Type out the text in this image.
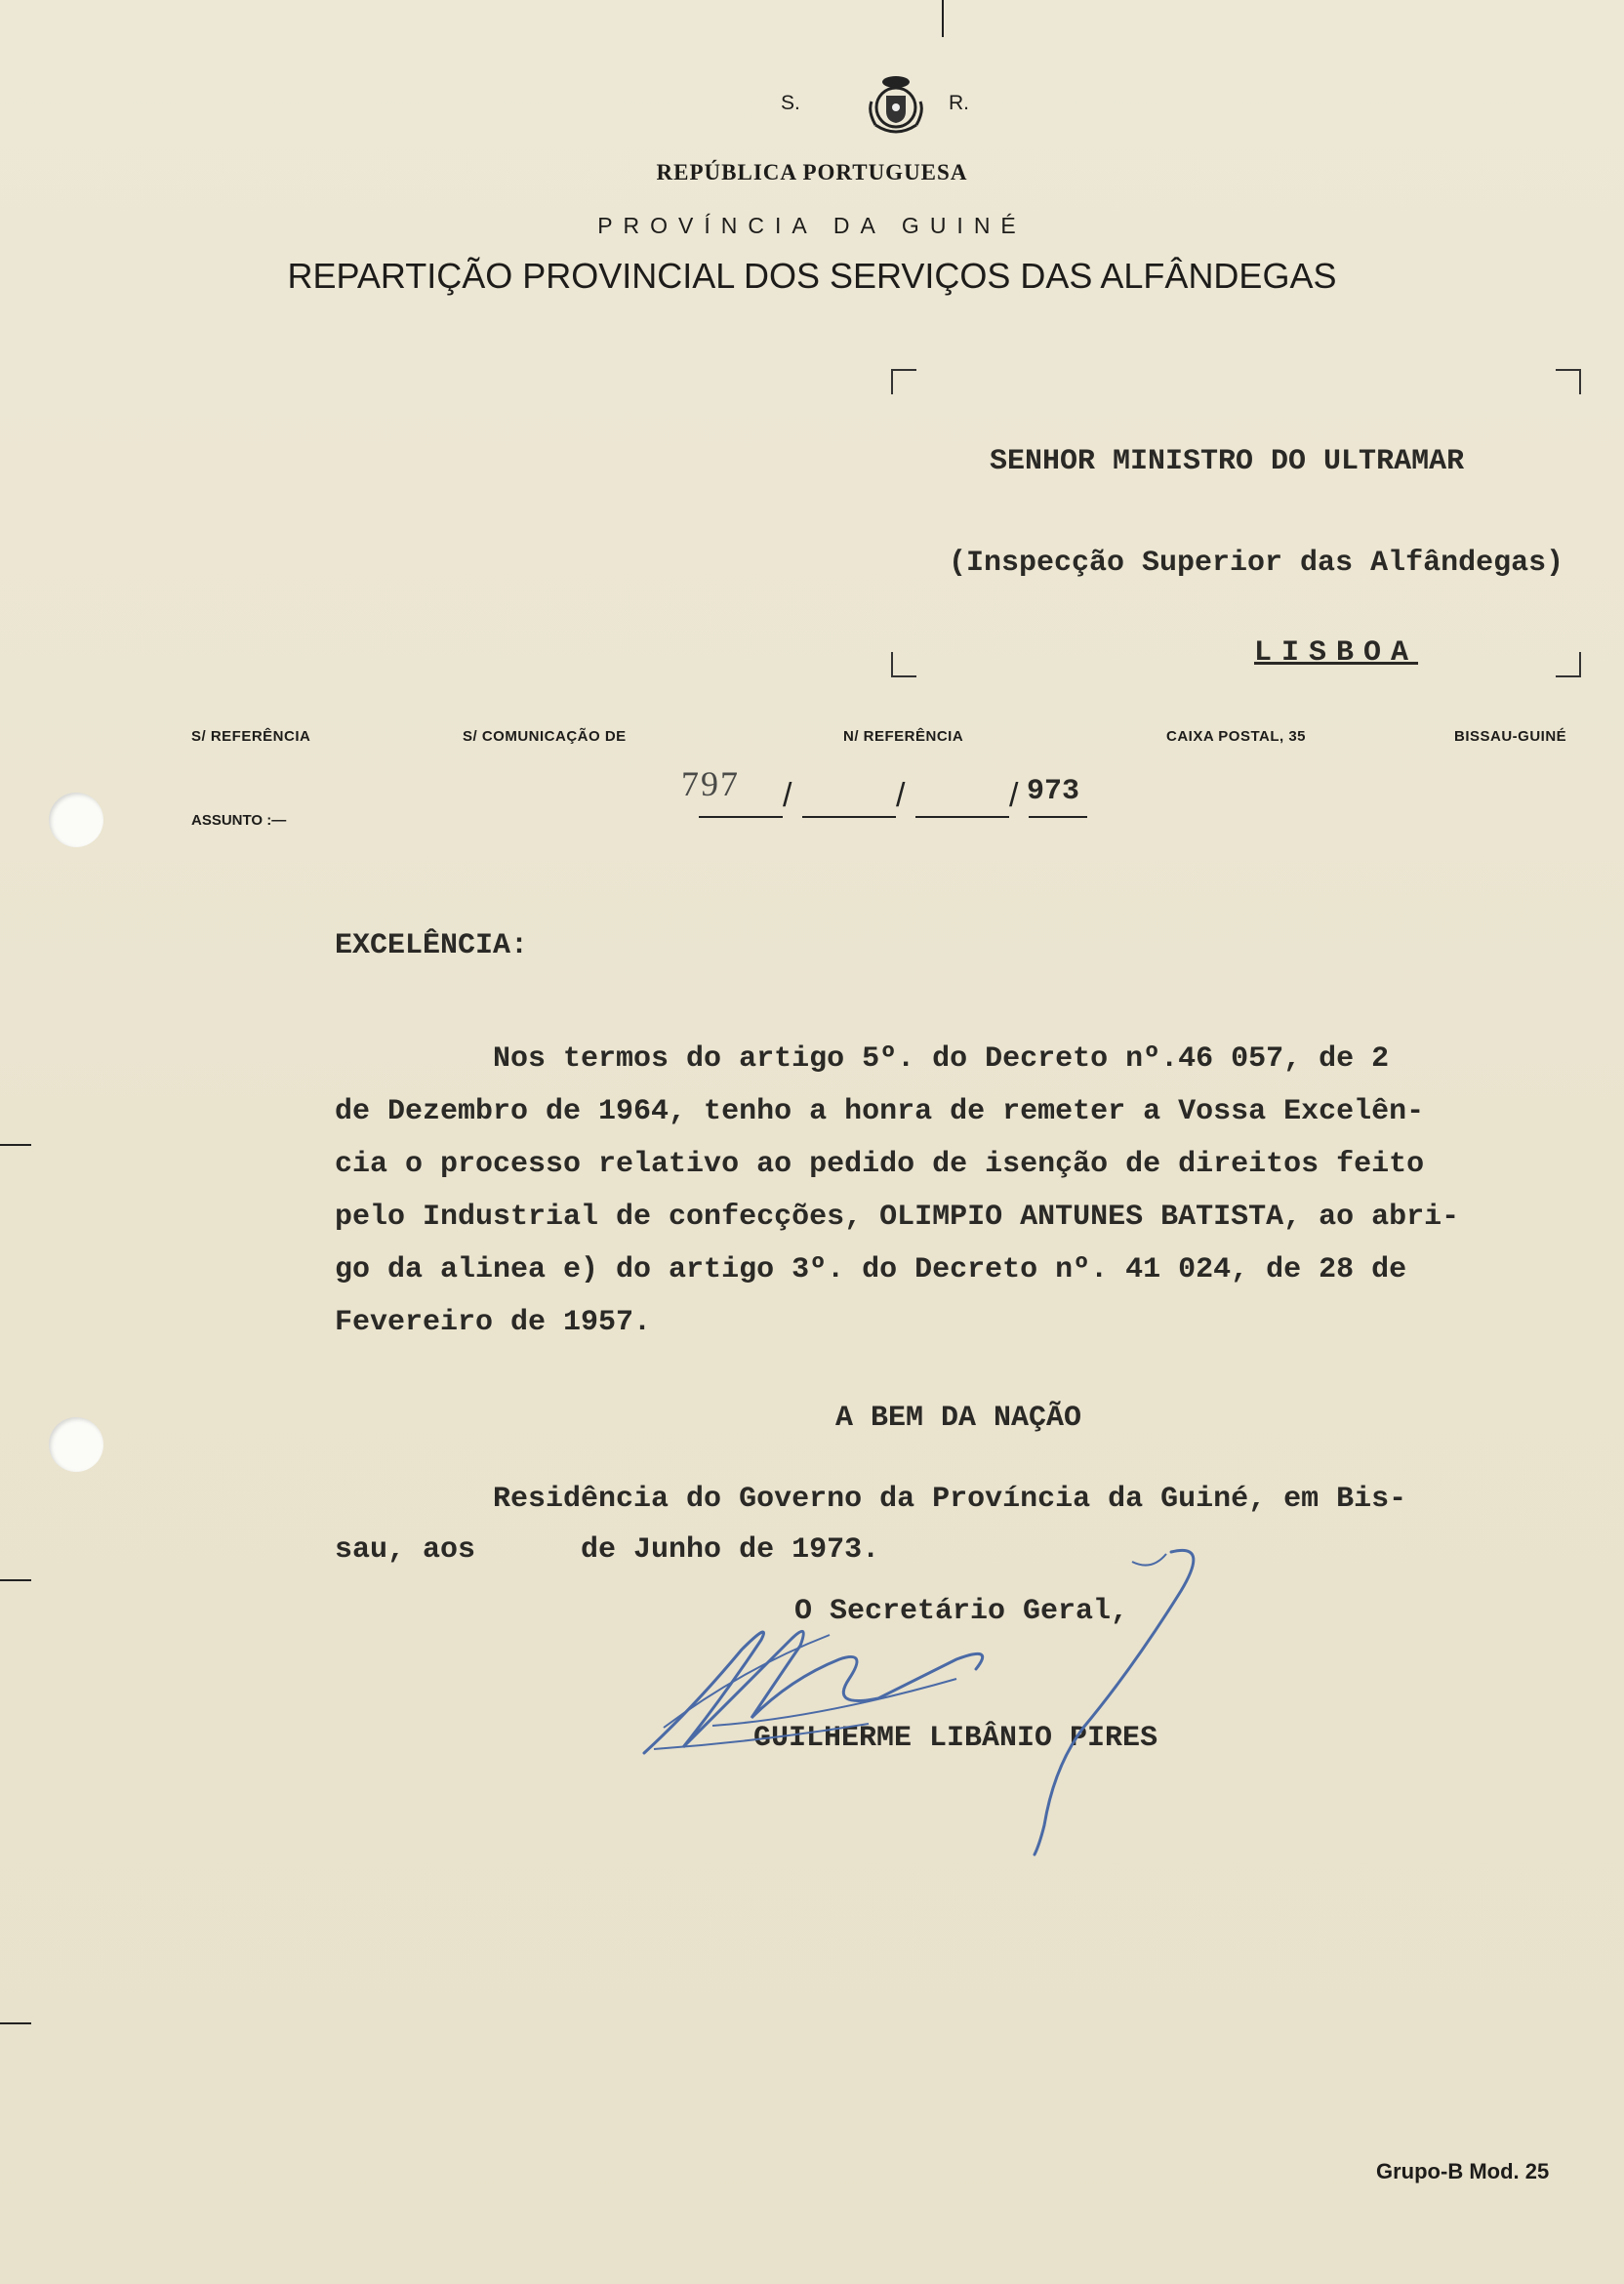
S.	R.
REPÚBLICA PORTUGUESA
PROVÍNCIA DA GUINÉ
REPARTIÇÃO PROVINCIAL DOS SERVIÇOS DAS ALFÂNDEGAS
SENHOR MINISTRO DO ULTRAMAR
(Inspecção Superior das Alfândegas)
LISBOA
S/ REFERÊNCIA	S/ COMUNICAÇÃO DE	N/ REFERÊNCIA	CAIXA POSTAL, 35	BISSAU-GUINÉ
ASSUNTO :—
797 /	/	/ 973
EXCELÊNCIA:
Nos termos do artigo 5º. do Decreto nº.46 057, de 2
de Dezembro de 1964, tenho a honra de remeter a Vossa Excelên-
cia o processo relativo ao pedido de isenção de direitos feito
pelo Industrial de confecções, OLIMPIO ANTUNES BATISTA, ao abri-
go da alinea e) do artigo 3º. do Decreto nº. 41 024, de 28 de
Fevereiro de 1957.
A BEM DA NAÇÃO
Residência do Governo da Província da Guiné, em Bis-
sau, aos      de Junho de 1973.
O Secretário Geral,
GUILHERME LIBÂNIO PIRES
Grupo-B Mod. 25
